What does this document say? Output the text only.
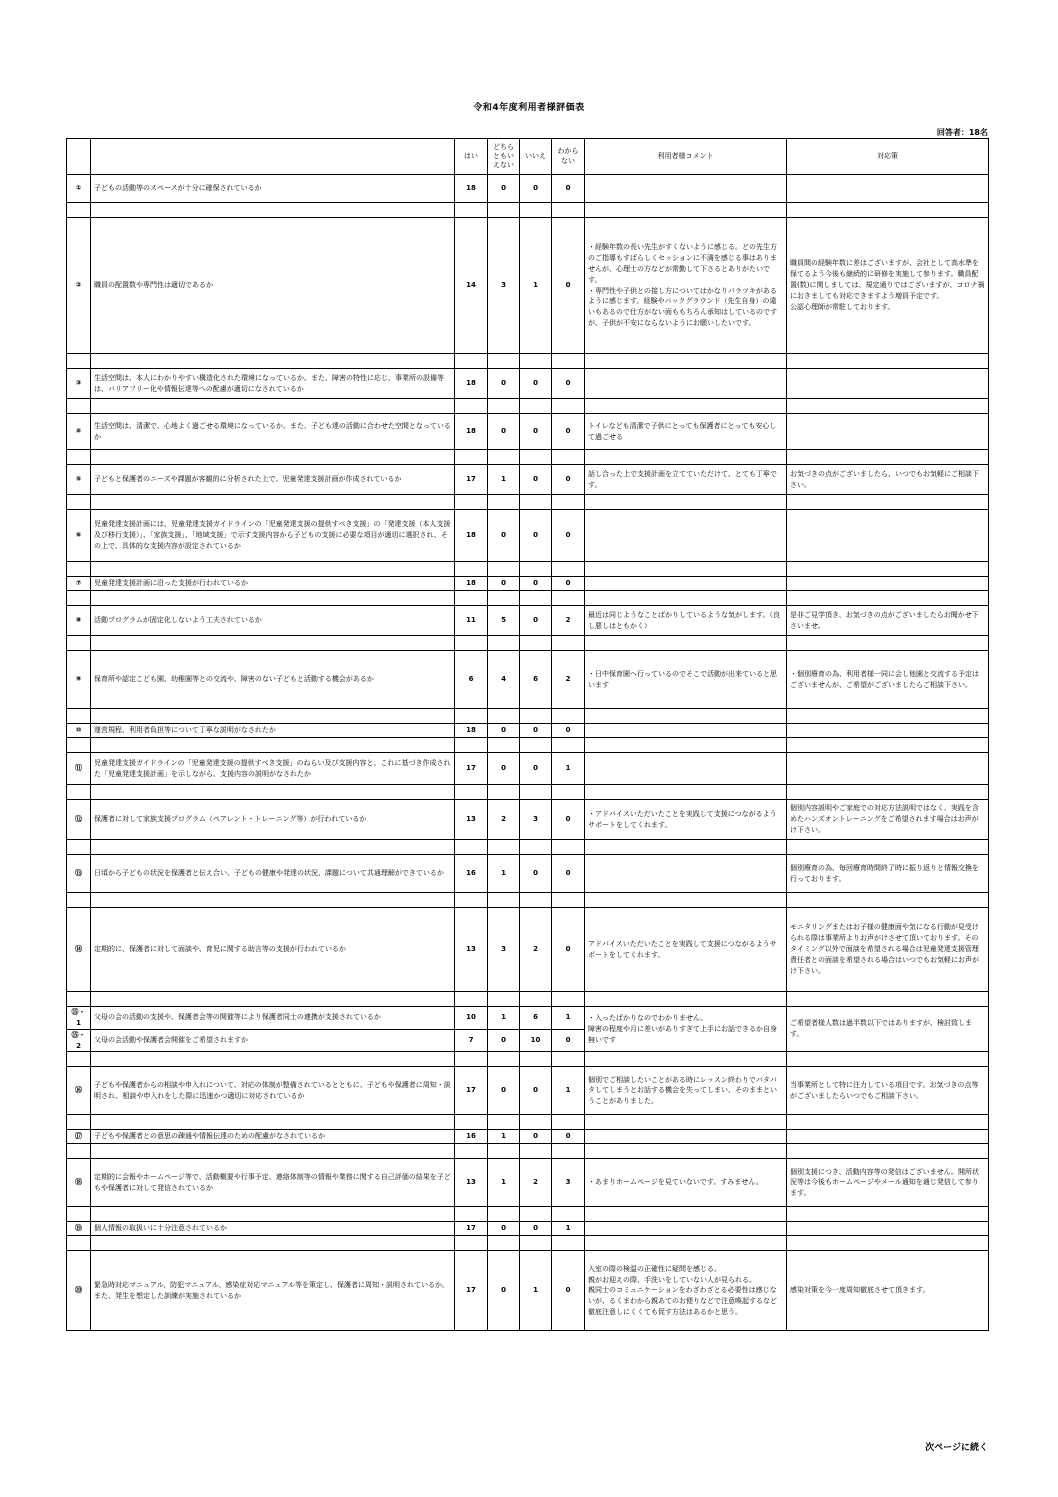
令和4年度利用者様評価表
回答者：18名
		はい	どちらともいえない	いいえ	わからない	利用者様コメント	対応策
①	子どもの活動等のスペースが十分に確保されているか	18	0	0	0		

②	職員の配置数や専門性は適切であるか	14	3	1	0	・経験年数の長い先生がすくないように感じる。どの先生方のご指導もすばらしくセッションに不満を感じる事はありませんが、心理士の方などが常勤して下さるとありがたいです。
・専門性や子供との接し方についてはかなりバラツキがあるように感じます。経験やバックグラウンド（先生自身）の違いもあるので仕方がない面ももちろん承知はしているのですが、子供が不安にならないようにお願いしたいです。	職員間の経験年数に差はございますが、会社として高水準を保てるよう今後も継続的に研修を実施して参ります。職員配置(数)に関しましては、規定通りではございますが、コロナ禍におきましても対応できますよう増員予定です。
公認心理師が常駐しております。

③	生活空間は、本人にわかりやすい構造化された環境になっているか。また、障害の特性に応じ、事業所の設備等は、バリアフリー化や情報伝達等への配慮が適切になされているか	18	0	0	0		

④	生活空間は、清潔で、心地よく過ごせる環境になっているか。また、子ども達の活動に合わせた空間となっているか	18	0	0	0	トイレなども清潔で子供にとっても保護者にとっても安心して過ごせる	

⑤	子どもと保護者のニーズや課題が客観的に分析された上で、児童発達支援計画が作成されているか	17	1	0	0	話し合った上で支援計画を立てていただけて、とても丁寧です。	お気づきの点がございましたら、いつでもお気軽にご相談下さい。

⑥	児童発達支援計画には、児童発達支援ガイドラインの「児童発達支援の提供すべき支援」の「発達支援（本人支援及び移行支援）」、「家族支援」、「地域支援」で示す支援内容から子どもの支援に必要な項目が適切に選択され、その上で、具体的な支援内容が設定されているか	18	0	0	0		

⑦	児童発達支援計画に沿った支援が行われているか	18	0	0	0		

⑧	活動プログラムが固定化しないよう工夫されているか	11	5	0	2	最近は同じようなことばかりしているような気がします。（良し悪しはともかく）	是非ご見学頂き、お気づきの点がございましたらお聞かせ下さいませ。

⑨	保育所や認定こども園、幼稚園等との交流や、障害のない子どもと活動する機会があるか	6	4	6	2	・日中保育園へ行っているのでそこで活動が出来ていると思います	・個別療育の為、利用者様一同に会し他園と交流する予定はございませんが、ご希望がございましたらご相談下さい。

⑩	運営規程、利用者負担等について丁寧な説明がなされたか	18	0	0	0		

⑪	児童発達支援ガイドラインの「児童発達支援の提供すべき支援」のねらい及び支援内容と、これに基づき作成された「児童発達支援計画」を示しながら、支援内容の説明がなされたか	17	0	0	1		

⑫	保護者に対して家族支援プログラム（ペアレント・トレーニング等）が行われているか	13	2	3	0	・アドバイスいただいたことを実践して支援につながるようサポートをしてくれます。	個別内容説明やご家庭での対応方法説明ではなく、実践を含めたハンズオントレーニングをご希望されます場合はお声がけ下さい。

⑬	日頃から子どもの状況を保護者と伝え合い、子どもの健康や発達の状況、課題について共通理解ができているか	16	1	0	0		個別療育の為、毎回療育時間終了時に振り返りと情報交換を行っております。

⑭	定期的に、保護者に対して面談や、育児に関する助言等の支援が行われているか	13	3	2	0	アドバイスいただいたことを実践して支援につながるようサポートをしてくれます。	モニタリングまたはお子様の健康面や気になる行動が見受けられる際は事業所よりお声がけさせて頂いております。そのタイミング以外で面談を希望される場合は児童発達支援管理責任者との面談を希望される場合はいつでもお気軽にお声がけ下さい。

⑮・1	父母の会の活動の支援や、保護者会等の開催等により保護者同士の連携が支援されているか	10	1	6	1	・入ったばかりなのでわかりません。
障害の程度や月に差いがありすぎて上手にお話できるか自身無いです	ご希望者様人数は過半数以下ではありますが、検討致します。
⑮・2	父母の会活動や保護者会開催をご希望されますか	7	0	10	0		

⑯	子どもや保護者からの相談や申入れについて、対応の体制が整備されているとともに、子どもや保護者に周知・説明され、相談や申入れをした際に迅速かつ適切に対応されているか	17	0	0	1	個別でご相談したいことがある時にレッスン終わりでバタバタしてしまうとお話する機会を失ってしまい、そのままということがありました。	当事業所として特に注力している項目です。お気づきの点等がございましたらいつでもご相談下さい。

⑰	子どもや保護者との意思の疎通や情報伝達のための配慮がなされているか	16	1	0	0		

⑱	定期的に会報やホームページ等で、活動概要や行事予定、連絡体制等の情報や業務に関する自己評価の結果を子どもや保護者に対して発信されているか	13	1	2	3	・あまりホームページを見ていないです。すみません。	個別支援につき、活動内容等の発信はございません。開所状況等は今後もホームページやメール通知を通じ発信して参ります。

⑲	個人情報の取扱いに十分注意されているか	17	0	0	1		

⑳	緊急時対応マニュアル、防犯マニュアル、感染症対応マニュアル等を策定し、保護者に周知・説明されているか。また、発生を想定した訓練が実施されているか	17	0	1	0	入室の際の検温の正確性に疑問を感じる。
親がお迎えの際、手洗いをしていない人が見られる。
親同士のコミュニケーションをわざわざとる必要性は感じないが、るくまわから親あてのお便りなどで注意喚起するなど徹底注意しにくくても促す方法はあるかと思う。	感染対策を今一度周知徹底させて頂きます。
次ページに続く
